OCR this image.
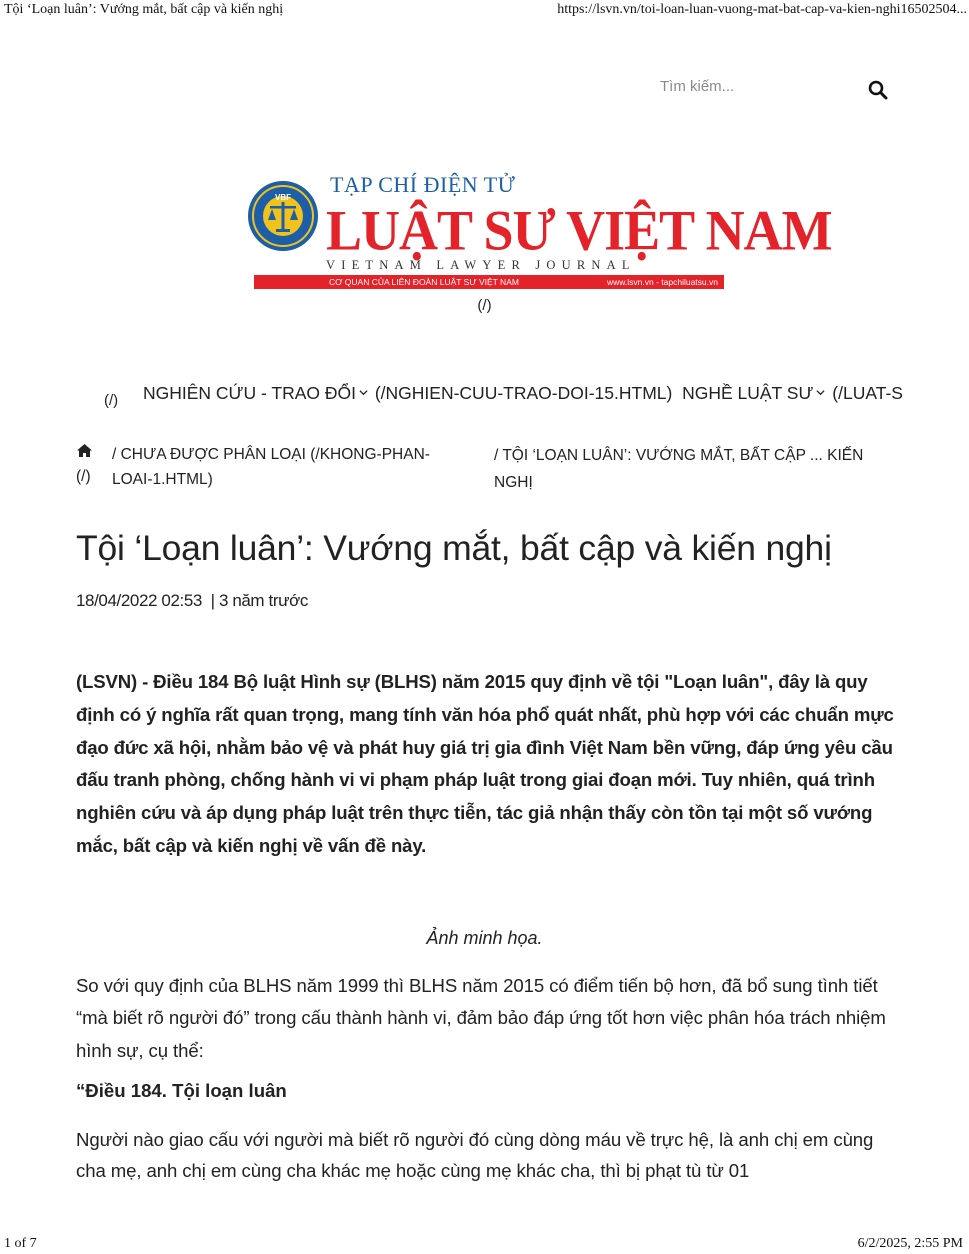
Tội ‘Loạn luân’: Vướng mắt, bất cập và kiến nghị	https://lsvn.vn/toi-loan-luan-vuong-mat-bat-cap-va-kien-nghi16502504...
Tìm kiếm...
VBF
TẠP CHÍ ĐIỆN TỬ
LUẬT SƯ VIỆT NAM
VIETNAM LAWYER JOURNAL
CƠ QUAN CỦA LIÊN ĐOÀN LUẬT SƯ VIỆT NAM	www.lsvn.vn - tapchiluatsu.vn
(/)
(/) NGHIÊN CỨU - TRAO ĐỔI (/NGHIEN-CUU-TRAO-DOI-15.HTML) NGHỀ LUẬT SƯ (/LUAT-S
(/)
/ CHƯA ĐƯỢC PHÂN LOẠI (/KHONG-PHAN-LOAI-1.HTML)
/ TỘI ‘LOẠN LUÂN’: VƯỚNG MẮT, BẤT CẬP ... KIẾN NGHỊ
Tội ‘Loạn luân’: Vướng mắt, bất cập và kiến nghị
18/04/2022 02:53 | 3 năm trước
(LSVN) - Điều 184 Bộ luật Hình sự (BLHS) năm 2015 quy định về tội "Loạn luân", đây là quy định có ý nghĩa rất quan trọng, mang tính văn hóa phổ quát nhất, phù hợp với các chuẩn mực đạo đức xã hội, nhằm bảo vệ và phát huy giá trị gia đình Việt Nam bền vững, đáp ứng yêu cầu đấu tranh phòng, chống hành vi vi phạm pháp luật trong giai đoạn mới. Tuy nhiên, quá trình nghiên cứu và áp dụng pháp luật trên thực tiễn, tác giả nhận thấy còn tồn tại một số vướng mắc, bất cập và kiến nghị về vấn đề này.
Ảnh minh họa.
So với quy định của BLHS năm 1999 thì BLHS năm 2015 có điểm tiến bộ hơn, đã bổ sung tình tiết “mà biết rõ người đó” trong cấu thành hành vi, đảm bảo đáp ứng tốt hơn việc phân hóa trách nhiệm hình sự, cụ thể:
“Điều 184. Tội loạn luân
Người nào giao cấu với người mà biết rõ người đó cùng dòng máu về trực hệ, là anh chị em cùng cha mẹ, anh chị em cùng cha khác mẹ hoặc cùng mẹ khác cha, thì bị phạt tù từ 01
1 of 7	6/2/2025, 2:55 PM
